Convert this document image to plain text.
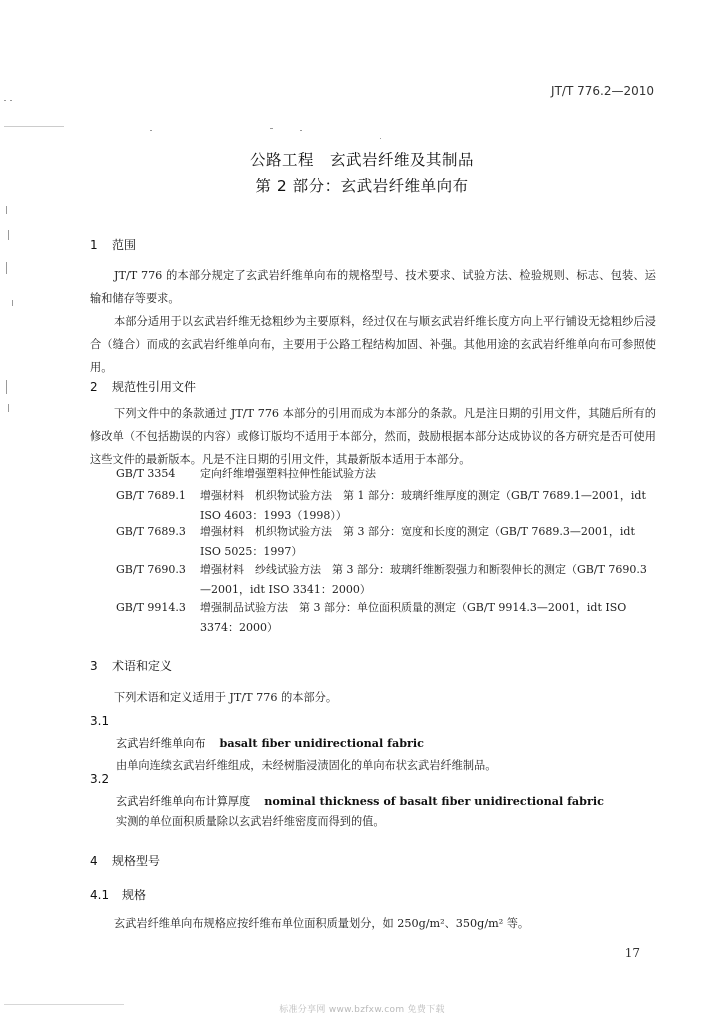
JT/T 776.2—2010
公路工程　玄武岩纤维及其制品
第 2 部分：玄武岩纤维单向布
1 范围
JT/T 776 的本部分规定了玄武岩纤维单向布的规格型号、技术要求、试验方法、检验规则、标志、包装、运输和储存等要求。
本部分适用于以玄武岩纤维无捻粗纱为主要原料，经过仅在与顺玄武岩纤维长度方向上平行铺设无捻粗纱后浸合（缝合）而成的玄武岩纤维单向布，主要用于公路工程结构加固、补强。其他用途的玄武岩纤维单向布可参照使用。
2 规范性引用文件
下列文件中的条款通过 JT/T 776 本部分的引用而成为本部分的条款。凡是注日期的引用文件，其随后所有的修改单（不包括勘误的内容）或修订版均不适用于本部分，然而，鼓励根据本部分达成协议的各方研究是否可使用这些文件的最新版本。凡是不注日期的引用文件，其最新版本适用于本部分。
GB/T 3354	定向纤维增强塑料拉伸性能试验方法
GB/T 7689.1	增强材料　机织物试验方法　第 1 部分：玻璃纤维厚度的测定（GB/T 7689.1—2001，idt ISO 4603：1993（1998））
GB/T 7689.3	增强材料　机织物试验方法　第 3 部分：宽度和长度的测定（GB/T 7689.3—2001，idt ISO 5025：1997）
GB/T 7690.3	增强材料　纱线试验方法　第 3 部分：玻璃纤维断裂强力和断裂伸长的测定（GB/T 7690.3—2001，idt ISO 3341：2000）
GB/T 9914.3	增强制品试验方法　第 3 部分：单位面积质量的测定（GB/T 9914.3—2001，idt ISO 3374：2000）
3 术语和定义
下列术语和定义适用于 JT/T 776 的本部分。
3.1
玄武岩纤维单向布 basalt fiber unidirectional fabric
由单向连续玄武岩纤维组成，未经树脂浸渍固化的单向布状玄武岩纤维制品。
3.2
玄武岩纤维单向布计算厚度 nominal thickness of basalt fiber unidirectional fabric
实测的单位面积质量除以玄武岩纤维密度而得到的值。
4 规格型号
4.1 规格
玄武岩纤维单向布规格应按纤维布单位面积质量划分，如 250g/m²、350g/m² 等。
17
标准分享网 www.bzfxw.com 免费下载
